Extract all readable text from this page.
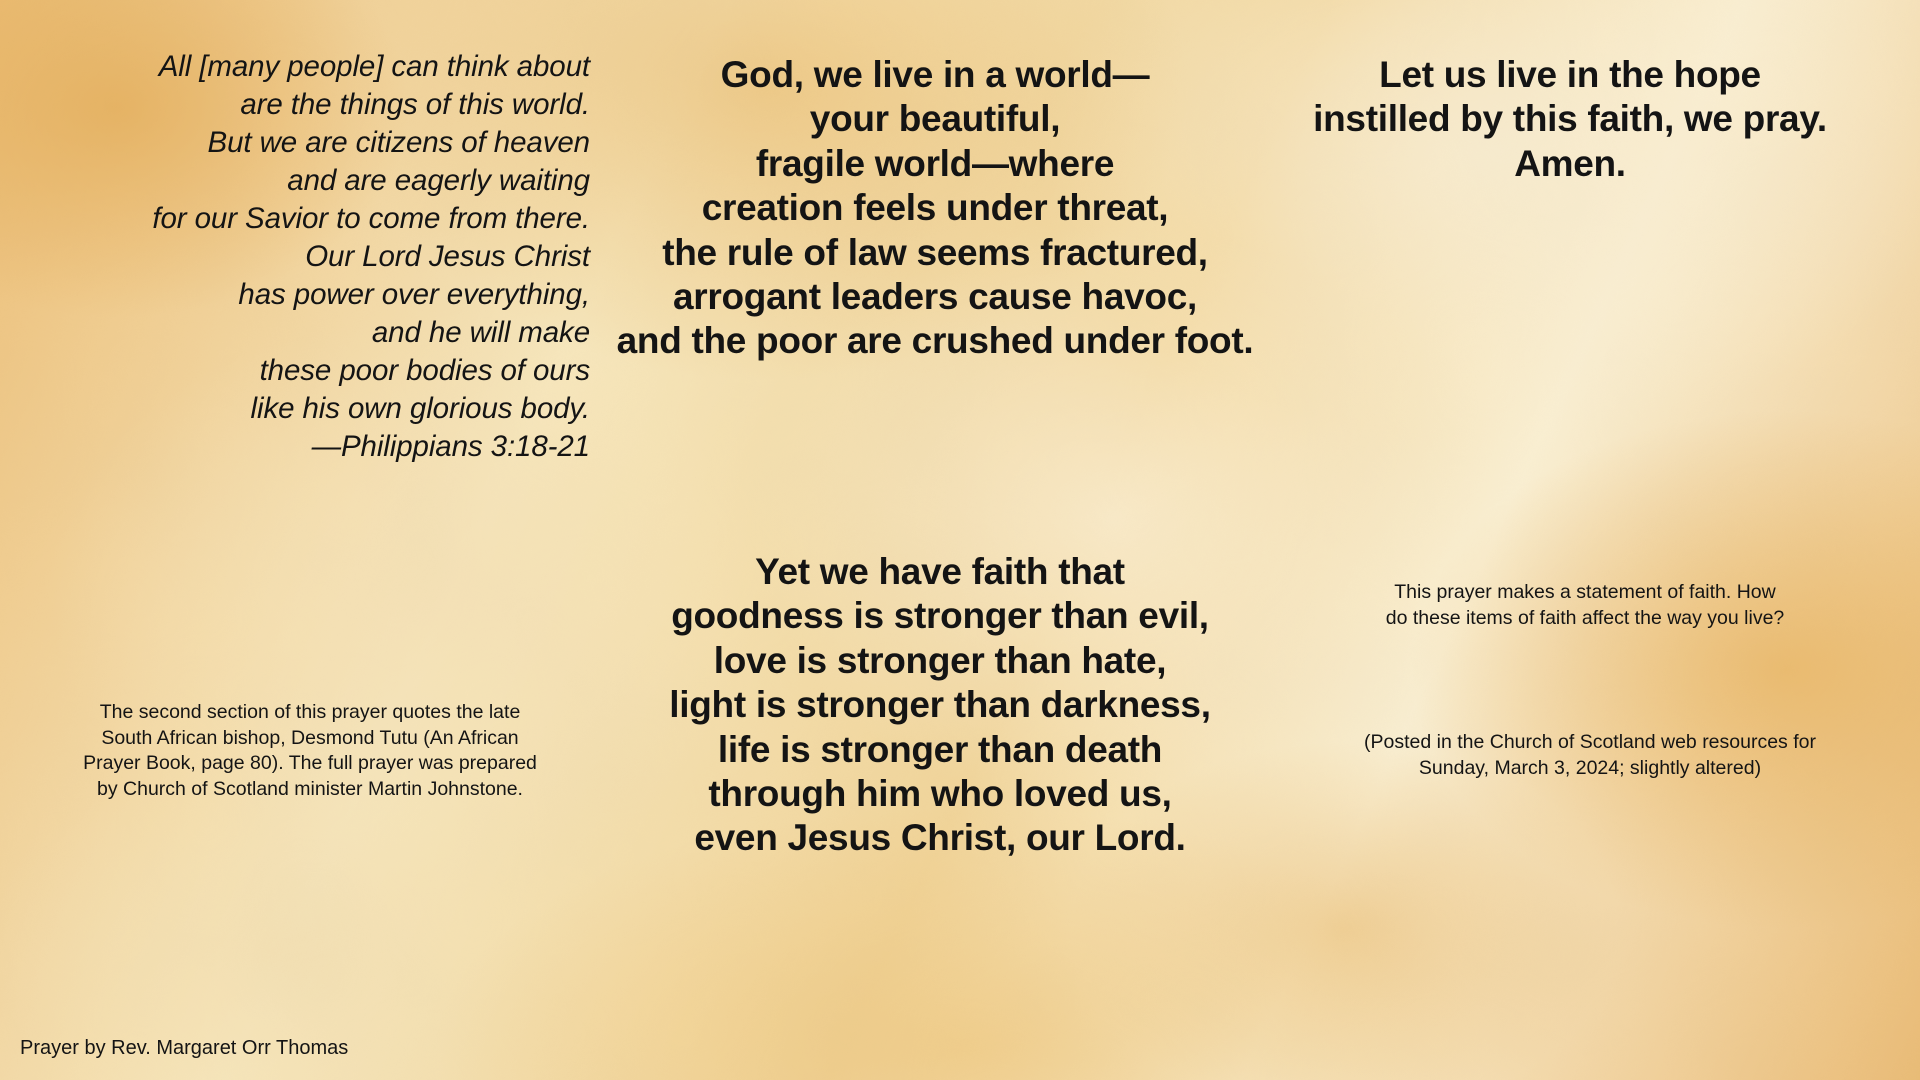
All [many people] can think about
are the things of this world.
But we are citizens of heaven
and are eagerly waiting
for our Savior to come from there.
Our Lord Jesus Christ
has power over everything,
and he will make
these poor bodies of ours
like his own glorious body.
—Philippians 3:18-21
God, we live in a world—
your beautiful,
fragile world—where
creation feels under threat,
the rule of law seems fractured,
arrogant leaders cause havoc,
and the poor are crushed under foot.
Let us live in the hope
instilled by this faith, we pray.
Amen.
Yet we have faith that
goodness is stronger than evil,
love is stronger than hate,
light is stronger than darkness,
life is stronger than death
through him who loved us,
even Jesus Christ, our Lord.
The second section of this prayer quotes the late
South African bishop, Desmond Tutu (An African
Prayer Book, page 80). The full prayer was prepared
by Church of Scotland minister Martin Johnstone.
This prayer makes a statement of faith. How
do these items of faith affect the way you live?
(Posted in the Church of Scotland web resources for
Sunday, March 3, 2024; slightly altered)
Prayer by Rev. Margaret Orr Thomas
